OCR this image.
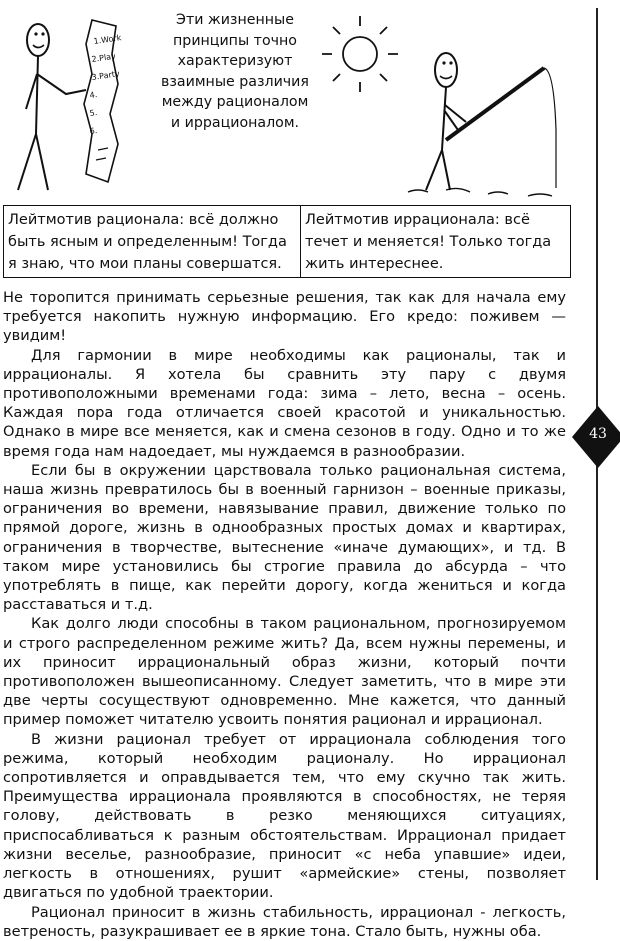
1.Work
2.Play
3.Party
4.
5.
6.
Эти жизненные
принципы точно
характеризуют
взаимные различия
между рационалом
и иррационалом.
Лейтмотив рационала: всё должно быть ясным и определенным! Тогда я знаю, что мои планы совершатся.
Лейтмотив иррационала: всё течет и меняется! Только тогда жить интереснее.

Не торопится принимать серьезные решения, так как для начала ему требуется накопить нужную информацию. Его кредо: поживем — увидим!

Для гармонии в мире необходимы как рационалы, так и иррационалы. Я хотела бы сравнить эту пару с двумя противоположными временами года: зима – лето, весна – осень. Каждая пора года отличается своей красотой и уникальностью. Однако в мире все меняется, как и смена сезонов в году. Одно и то же время года нам надоедает, мы нуждаемся в разнообразии.

Если бы в окружении царствовала только рациональная система, наша жизнь превратилось бы в военный гарнизон – военные приказы, ограничения во времени, навязывание правил, движение только по прямой дороге, жизнь в однообразных простых домах и квартирах, ограничения в творчестве, вытеснение «иначе думающих», и тд. В таком мире установились бы строгие правила до абсурда – что употреблять в пище, как перейти дорогу, когда жениться и когда расставаться и т.д.

Как долго люди способны в таком рациональном, прогнозируемом и строго распределенном режиме жить? Да, всем нужны перемены, и их приносит иррациональный образ жизни, который почти противоположен вышеописанному. Следует заметить, что в мире эти две черты сосуществуют одновременно. Мне кажется, что данный пример поможет читателю усвоить понятия рационал и иррационал.

В жизни рационал требует от иррационала соблюдения того режима, который необходим рационалу. Но иррационал сопротивляется и оправдывается тем, что ему скучно так жить. Преимущества иррационала проявляются в способностях, не теряя голову, действовать в резко меняющихся ситуациях, приспосабливаться к разным обстоятельствам. Иррационал придает жизни веселье, разнообразие, приносит «с неба упавшие» идеи, легкость в отношениях, рушит «армейские» стены, позволяет двигаться по удобной траектории.

Рационал приносит в жизнь стабильность, иррационал - легкость, ветреность, разукрашивает ее в яркие тона. Стало быть, нужны оба.

43
